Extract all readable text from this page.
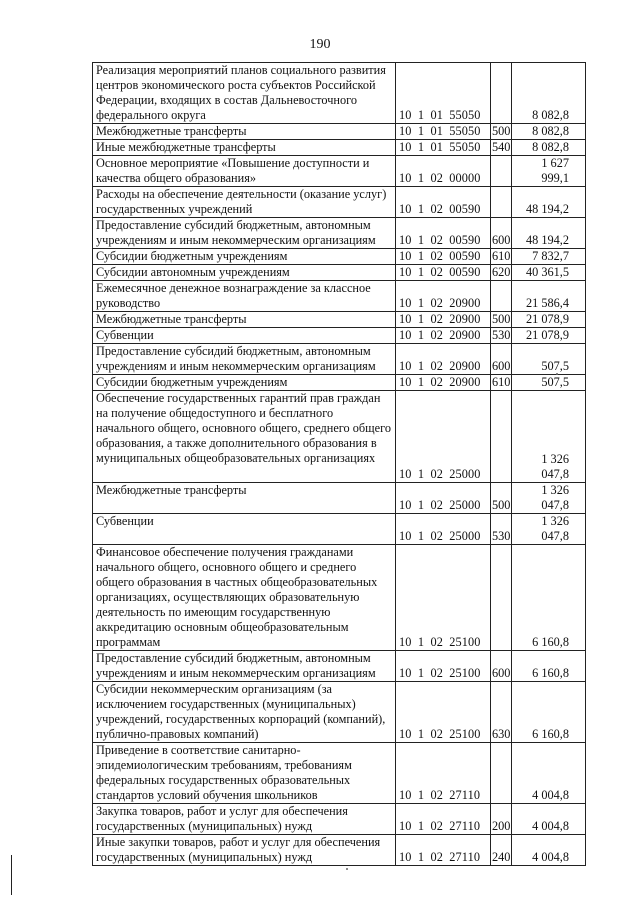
190
Реализация мероприятий планов социального развития центров экономического роста субъектов Российской Федерации, входящих в состав Дальневосточного федерального округа	10  1  01  55050		8 082,8
Межбюджетные трансферты	10  1  01  55050	500	8 082,8
Иные межбюджетные трансферты	10  1  01  55050	540	8 082,8
Основное мероприятие «Повышение доступности и качества общего образования»	10  1  02  00000		1 627 999,1
Расходы на обеспечение деятельности (оказание услуг) государственных учреждений	10  1  02  00590		48 194,2
Предоставление субсидий бюджетным, автономным учреждениям и иным некоммерческим организациям	10  1  02  00590	600	48 194,2
Субсидии бюджетным учреждениям	10  1  02  00590	610	7 832,7
Субсидии автономным учреждениям	10  1  02  00590	620	40 361,5
Ежемесячное денежное вознаграждение за классное руководство	10  1  02  20900		21 586,4
Межбюджетные трансферты	10  1  02  20900	500	21 078,9
Субвенции	10  1  02  20900	530	21 078,9
Предоставление субсидий бюджетным, автономным учреждениям и иным некоммерческим организациям	10  1  02  20900	600	507,5
Субсидии бюджетным учреждениям	10  1  02  20900	610	507,5
Обеспечение государственных гарантий прав граждан на получение общедоступного и бесплатного начального общего, основного общего, среднего общего образования, а также дополнительного образования в муниципальных общеобразовательных организациях	10  1  02  25000		1 326 047,8
Межбюджетные трансферты	10  1  02  25000	500	1 326 047,8
Субвенции	10  1  02  25000	530	1 326 047,8
Финансовое обеспечение получения гражданами начального общего, основного общего и среднего общего образования в частных общеобразовательных организациях, осуществляющих образовательную деятельность по имеющим государственную аккредитацию основным общеобразовательным программам	10  1  02  25100		6 160,8
Предоставление субсидий бюджетным, автономным учреждениям и иным некоммерческим организациям	10  1  02  25100	600	6 160,8
Субсидии некоммерческим организациям (за исключением государственных (муниципальных) учреждений, государственных корпораций (компаний), публично-правовых компаний)	10  1  02  25100	630	6 160,8
Приведение в соответствие санитарно-эпидемиологическим требованиям, требованиям федеральных государственных образовательных стандартов условий обучения школьников	10  1  02  27110		4 004,8
Закупка товаров, работ и услуг для обеспечения государственных (муниципальных) нужд	10  1  02  27110	200	4 004,8
Иные закупки товаров, работ и услуг для обеспечения государственных (муниципальных) нужд	10  1  02  27110	240	4 004,8
